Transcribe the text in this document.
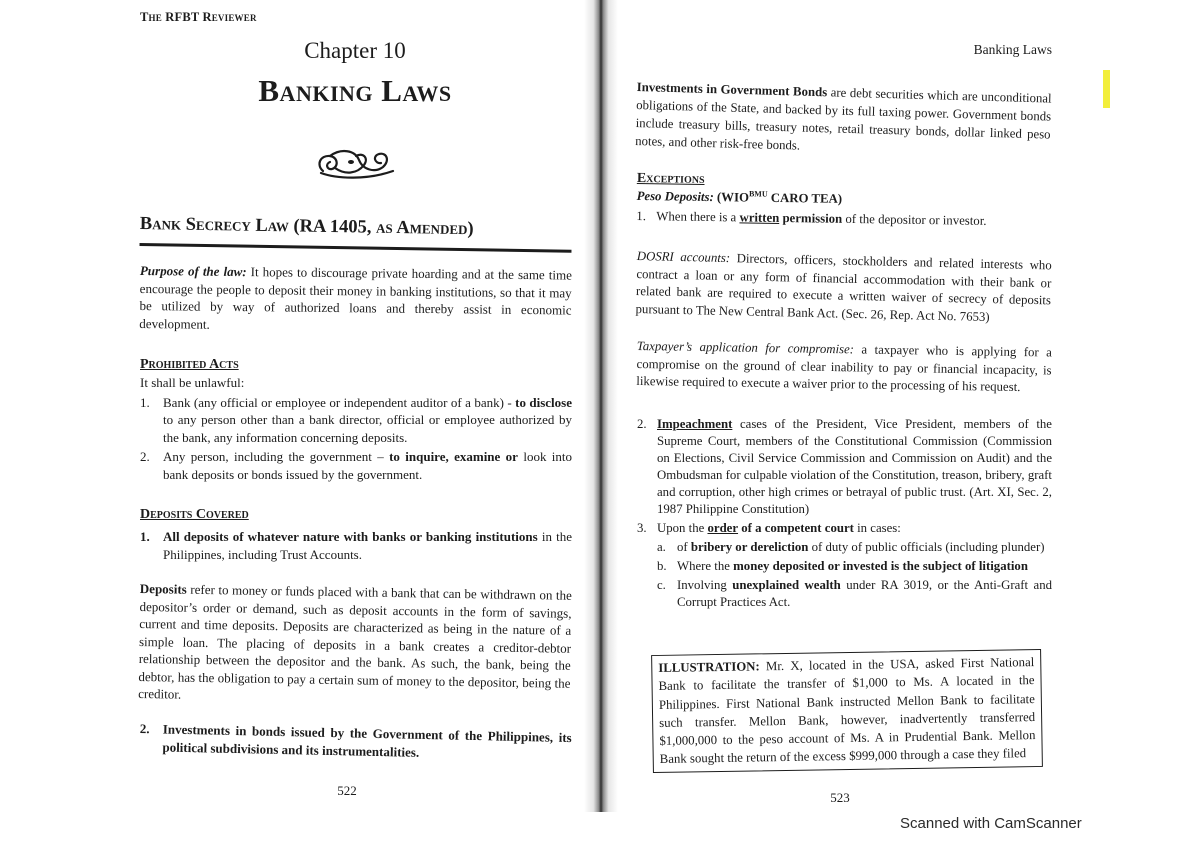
The RFBT Reviewer
Chapter 10
Banking Laws
Bank Secrecy Law (RA 1405, as Amended)

Purpose of the law: It hopes to discourage private hoarding and at the same time encourage the people to deposit their money in banking institutions, so that it may be utilized by way of authorized loans and thereby assist in economic development.

Prohibited Acts
It shall be unlawful:
1. Bank (any official or employee or independent auditor of a bank) - to disclose to any person other than a bank director, official or employee authorized by the bank, any information concerning deposits.
2. Any person, including the government – to inquire, examine or look into bank deposits or bonds issued by the government.
Deposits Covered
1. All deposits of whatever nature with banks or banking institutions in the Philippines, including Trust Accounts.

Deposits refer to money or funds placed with a bank that can be withdrawn on the depositor’s order or demand, such as deposit accounts in the form of savings, current and time deposits. Deposits are characterized as being in the nature of a simple loan. The placing of deposits in a bank creates a creditor-debtor relationship between the depositor and the bank. As such, the bank, being the debtor, has the obligation to pay a certain sum of money to the depositor, being the creditor.

2. Investments in bonds issued by the Government of the Philippines, its political subdivisions and its instrumentalities.
522
Banking Laws

Investments in Government Bonds are debt securities which are unconditional obligations of the State, and backed by its full taxing power. Government bonds include treasury bills, treasury notes, retail treasury bonds, dollar linked peso notes, and other risk-free bonds.

Exceptions
Peso Deposits: ($WIO^{BMU}$ CARO TEA)
1. When there is a written permission of the depositor or investor.

DOSRI accounts: Directors, officers, stockholders and related interests who contract a loan or any form of financial accommodation with their bank or related bank are required to execute a written waiver of secrecy of deposits pursuant to The New Central Bank Act. (Sec. 26, Rep. Act No. 7653)

Taxpayer’s application for compromise: a taxpayer who is applying for a compromise on the ground of clear inability to pay or financial incapacity, is likewise required to execute a waiver prior to the processing of his request.

2. Impeachment cases of the President, Vice President, members of the Supreme Court, members of the Constitutional Commission (Commission on Elections, Civil Service Commission and Commission on Audit) and the Ombudsman for culpable violation of the Constitution, treason, bribery, graft and corruption, other high crimes or betrayal of public trust. (Art. XI, Sec. 2, 1987 Philippine Constitution)
3. Upon the order of a competent court in cases:
a. of bribery or dereliction of duty of public officials (including plunder)
b. Where the money deposited or invested is the subject of litigation
c. Involving unexplained wealth under RA 3019, or the Anti-Graft and Corrupt Practices Act.
ILLUSTRATION: Mr. X, located in the USA, asked First National Bank to facilitate the transfer of $1,000 to Ms. A located in the Philippines. First National Bank instructed Mellon Bank to facilitate such transfer. Mellon Bank, however, inadvertently transferred $1,000,000 to the peso account of Ms. A in Prudential Bank. Mellon Bank sought the return of the excess $999,000 through a case they filed
523
Scanned with CamScanner
